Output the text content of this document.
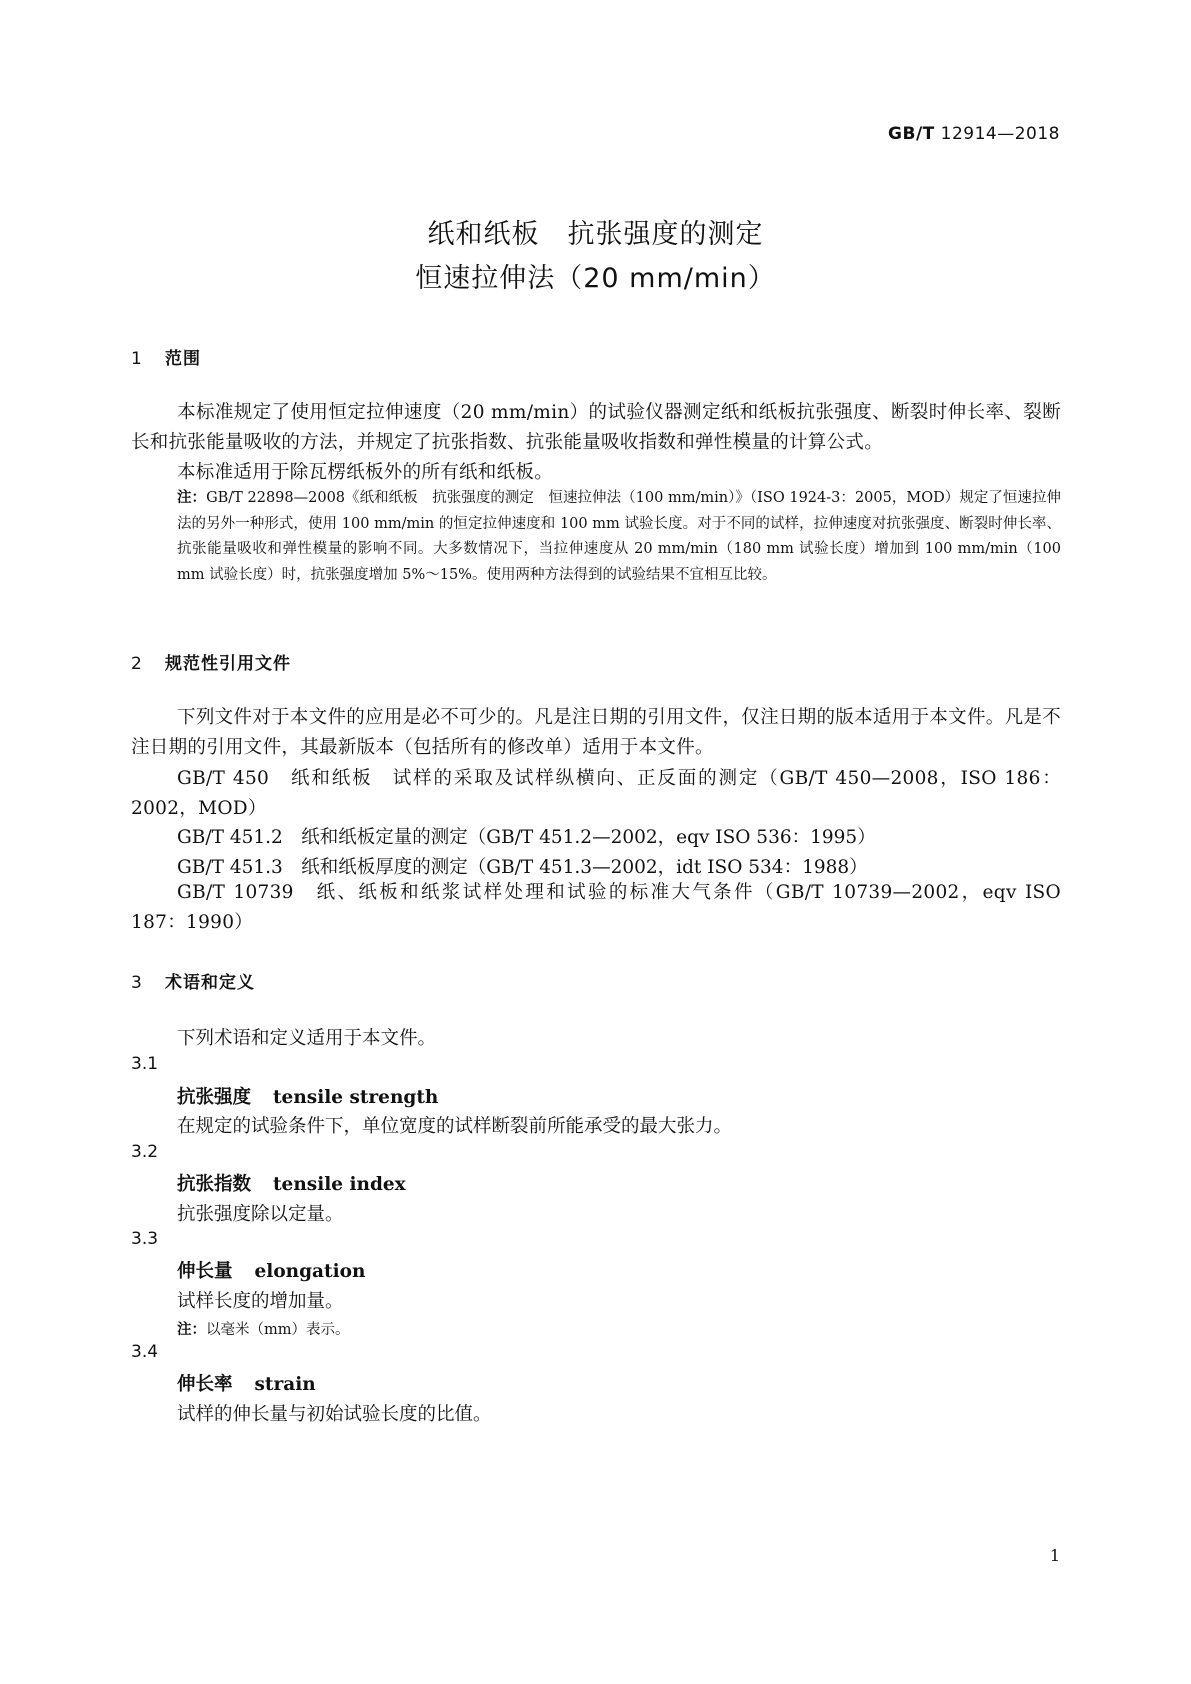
GB/T 12914—2018
纸和纸板　抗张强度的测定
恒速拉伸法（20 mm/min）
1 范围
本标准规定了使用恒定拉伸速度（20 mm/min）的试验仪器测定纸和纸板抗张强度、断裂时伸长率、裂断长和抗张能量吸收的方法，并规定了抗张指数、抗张能量吸收指数和弹性模量的计算公式。
本标准适用于除瓦楞纸板外的所有纸和纸板。
注：GB/T 22898—2008《纸和纸板　抗张强度的测定　恒速拉伸法（100 mm/min）》（ISO 1924-3：2005，MOD）规定了恒速拉伸法的另外一种形式，使用 100 mm/min 的恒定拉伸速度和 100 mm 试验长度。对于不同的试样，拉伸速度对抗张强度、断裂时伸长率、抗张能量吸收和弹性模量的影响不同。大多数情况下，当拉伸速度从 20 mm/min（180 mm 试验长度）增加到 100 mm/min（100 mm 试验长度）时，抗张强度增加 5%～15%。使用两种方法得到的试验结果不宜相互比较。
2 规范性引用文件
下列文件对于本文件的应用是必不可少的。凡是注日期的引用文件，仅注日期的版本适用于本文件。凡是不注日期的引用文件，其最新版本（包括所有的修改单）适用于本文件。
GB/T 450　纸和纸板　试样的采取及试样纵横向、正反面的测定（GB/T 450—2008，ISO 186：2002，MOD）
GB/T 451.2　纸和纸板定量的测定（GB/T 451.2—2002，eqv ISO 536：1995）
GB/T 451.3　纸和纸板厚度的测定（GB/T 451.3—2002，idt ISO 534：1988）
GB/T 10739　纸、纸板和纸浆试样处理和试验的标准大气条件（GB/T 10739—2002，eqv ISO 187：1990）
3 术语和定义
下列术语和定义适用于本文件。
3.1
抗张强度 tensile strength
在规定的试验条件下，单位宽度的试样断裂前所能承受的最大张力。
3.2
抗张指数 tensile index
抗张强度除以定量。
3.3
伸长量 elongation
试样长度的增加量。
注：以毫米（mm）表示。
3.4
伸长率 strain
试样的伸长量与初始试验长度的比值。
1
